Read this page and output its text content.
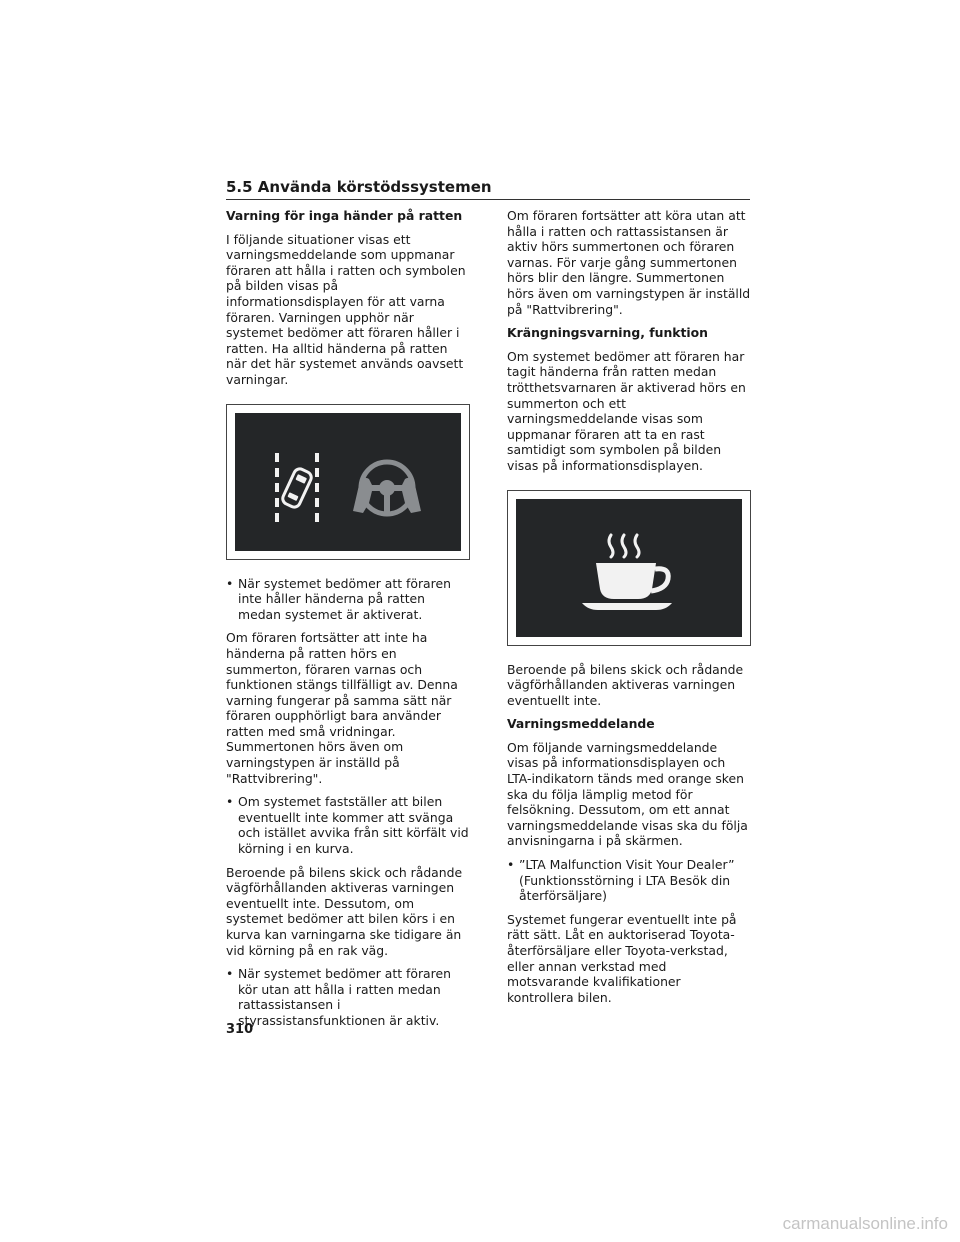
5.5 Använda körstödssystemen
Varning för inga händer på ratten

I följande situationer visas ett varningsmeddelande som uppmanar föraren att hålla i ratten och symbolen på bilden visas på informationsdisplayen för att varna föraren. Varningen upphör när systemet bedömer att föraren håller i ratten. Ha alltid händerna på ratten när det här systemet används oavsett varningar.

• När systemet bedömer att föraren inte håller händerna på ratten medan systemet är aktiverat.

Om föraren fortsätter att inte ha händerna på ratten hörs en summerton, föraren varnas och funktionen stängs tillfälligt av. Denna varning fungerar på samma sätt när föraren oupphörligt bara använder ratten med små vridningar. Summertonen hörs även om varningstypen är inställd på "Rattvibrering".

• Om systemet fastställer att bilen eventuellt inte kommer att svänga och istället avvika från sitt körfält vid körning i en kurva.

Beroende på bilens skick och rådande vägförhållanden aktiveras varningen eventuellt inte. Dessutom, om systemet bedömer att bilen körs i en kurva kan varningarna ske tidigare än vid körning på en rak väg.

• När systemet bedömer att föraren kör utan att hålla i ratten medan rattassistansen i styrassistansfunktionen är aktiv.

Om föraren fortsätter att köra utan att hålla i ratten och rattassistansen är aktiv hörs summertonen och föraren varnas. För varje gång summertonen hörs blir den längre. Summertonen hörs även om varningstypen är inställd på "Rattvibrering".

Krängningsvarning, funktion

Om systemet bedömer att föraren har tagit händerna från ratten medan trötthetsvarnaren är aktiverad hörs en summerton och ett varningsmeddelande visas som uppmanar föraren att ta en rast samtidigt som symbolen på bilden visas på informationsdisplayen.

Beroende på bilens skick och rådande vägförhållanden aktiveras varningen eventuellt inte.

Varningsmeddelande

Om följande varningsmeddelande visas på informationsdisplayen och LTA-indikatorn tänds med orange sken ska du följa lämplig metod för felsökning. Dessutom, om ett annat varningsmeddelande visas ska du följa anvisningarna i på skärmen.

• ”LTA Malfunction Visit Your Dealer” (Funktionsstörning i LTA Besök din återförsäljare)

Systemet fungerar eventuellt inte på rätt sätt. Låt en auktoriserad Toyota-återförsäljare eller Toyota-verkstad, eller annan verkstad med motsvarande kvalifikationer kontrollera bilen.

310
carmanualsonline.info
